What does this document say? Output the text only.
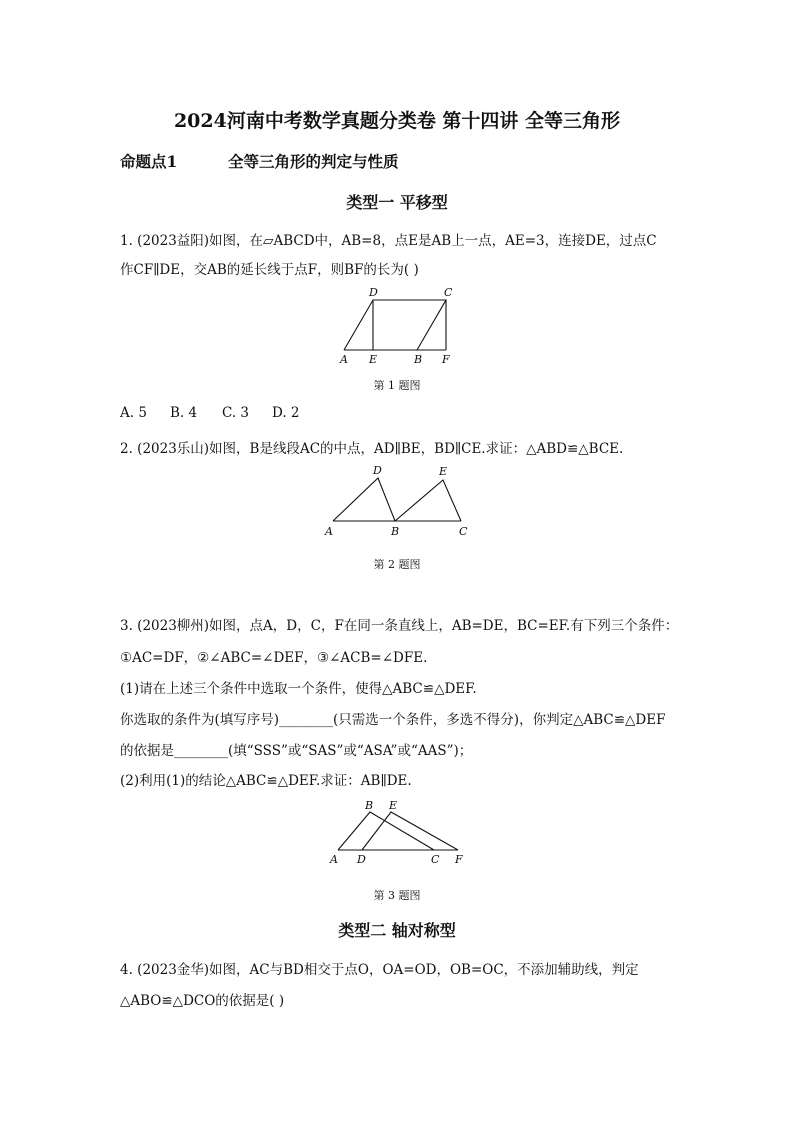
2024河南中考数学真题分类卷 第十四讲 全等三角形
命题点1	全等三角形的判定与性质
类型一 平移型
1. (2023益阳)如图，在▱ABCD中，AB=8，点E是AB上一点，AE=3，连接DE，过点C
作CF∥DE，交AB的延长线于点F，则BF的长为( )
A E	B F
D	C
第 1 题图
A. 5 B. 4 C. 3 D. 2
2. (2023乐山)如图，B是线段AC的中点，AD∥BE，BD∥CE.求证：△ABD≌△BCE.
A	B	C
D	E
第 2 题图
3. (2023柳州)如图，点A，D，C，F在同一条直线上，AB=DE，BC=EF.有下列三个条件：
①AC=DF，②∠ABC=∠DEF，③∠ACB=∠DFE.
(1)请在上述三个条件中选取一个条件，使得△ABC≌△DEF.
你选取的条件为(填写序号)________(只需选一个条件，多选不得分)，你判定△ABC≌△DEF
的依据是________(填“SSS”或“SAS”或“ASA”或“AAS”)；
(2)利用(1)的结论△ABC≌△DEF.求证：AB∥DE.
A D	C F
B E
第 3 题图
类型二 轴对称型
4. (2023金华)如图，AC与BD相交于点O，OA=OD，OB=OC，不添加辅助线，判定
△ABO≌△DCO的依据是( )
